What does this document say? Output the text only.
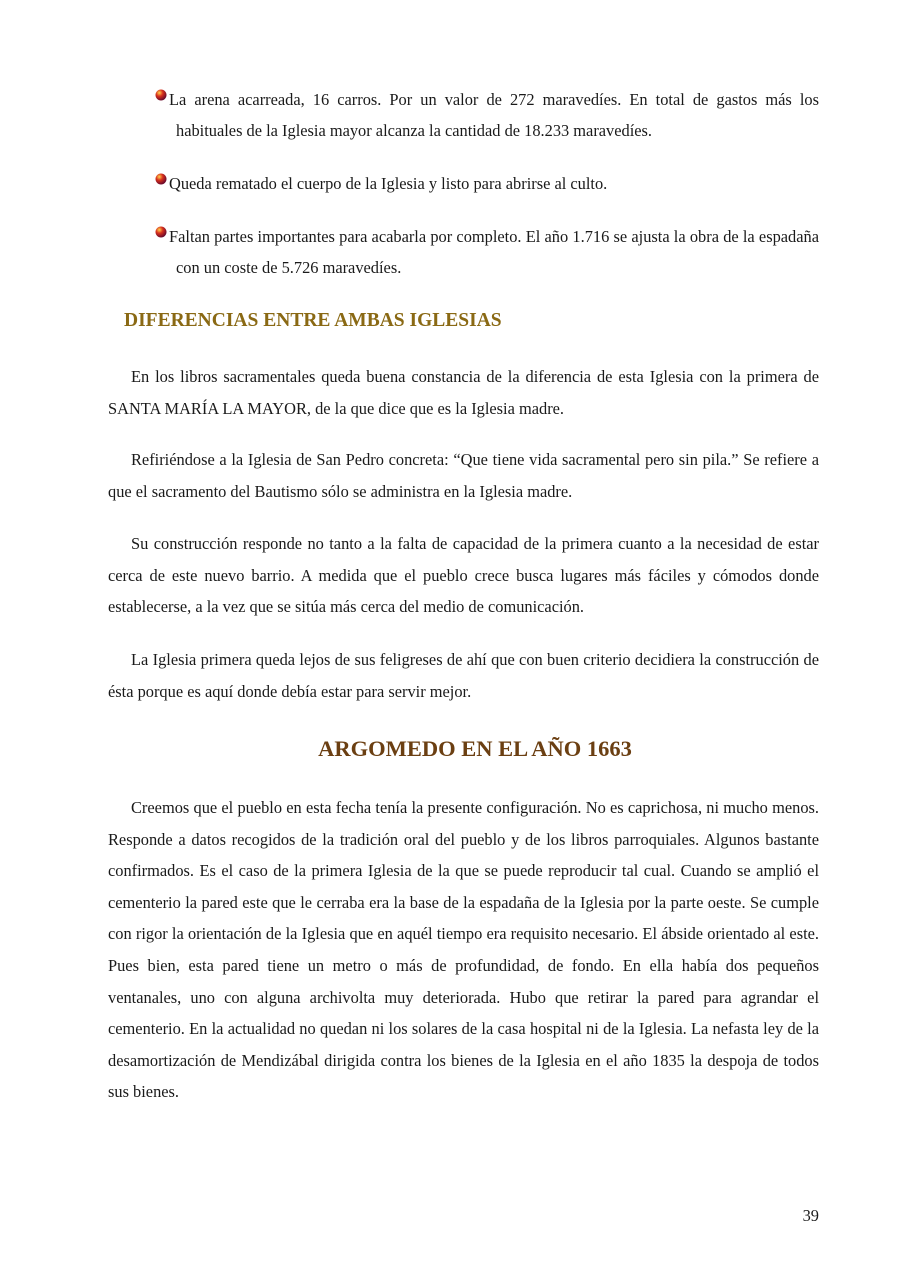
La arena acarreada, 16 carros. Por un valor de 272 maravedíes. En total de gastos más los habituales de la Iglesia mayor alcanza la cantidad de 18.233 maravedíes.

Queda rematado el cuerpo de la Iglesia y listo para abrirse al culto.

Faltan partes importantes para acabarla por completo. El año 1.716 se ajusta la obra de la espadaña con un coste de 5.726 maravedíes.

DIFERENCIAS ENTRE AMBAS IGLESIAS

En los libros sacramentales queda buena constancia de la diferencia de esta Iglesia con la primera de SANTA MARÍA LA MAYOR, de la que dice que es la Iglesia madre.

Refiriéndose a la Iglesia de San Pedro concreta: “Que tiene vida sacramental pero sin pila.” Se refiere a que el sacramento del Bautismo sólo se administra en la Iglesia madre.

Su construcción responde no tanto a la falta de capacidad de la primera cuanto a la necesidad de estar cerca de este nuevo barrio. A medida que el pueblo crece busca lugares más fáciles y cómodos donde establecerse, a la vez que se sitúa más cerca del medio de comunicación.

La Iglesia primera queda lejos de sus feligreses de ahí que con buen criterio decidiera la construcción de ésta porque es aquí donde debía estar para servir mejor.

ARGOMEDO EN EL AÑO 1663

Creemos que el pueblo en esta fecha tenía la presente configuración. No es caprichosa, ni mucho menos. Responde a datos recogidos de la tradición oral del pueblo y de los libros parroquiales. Algunos bastante confirmados. Es el caso de la primera Iglesia de la que se puede reproducir tal cual. Cuando se amplió el cementerio la pared este que le cerraba era la base de la espadaña de la Iglesia por la parte oeste. Se cumple con rigor la orientación de la Iglesia que en aquél tiempo era requisito necesario. El ábside orientado al este. Pues bien, esta pared tiene un metro o más de profundidad, de fondo. En ella había dos pequeños ventanales, uno con alguna archivolta muy deteriorada. Hubo que retirar la pared para agrandar el cementerio. En la actualidad no quedan ni los solares de la casa hospital ni de la Iglesia. La nefasta ley de la desamortización de Mendizábal dirigida contra los bienes de la Iglesia en el año 1835 la despoja de todos sus bienes.

39
